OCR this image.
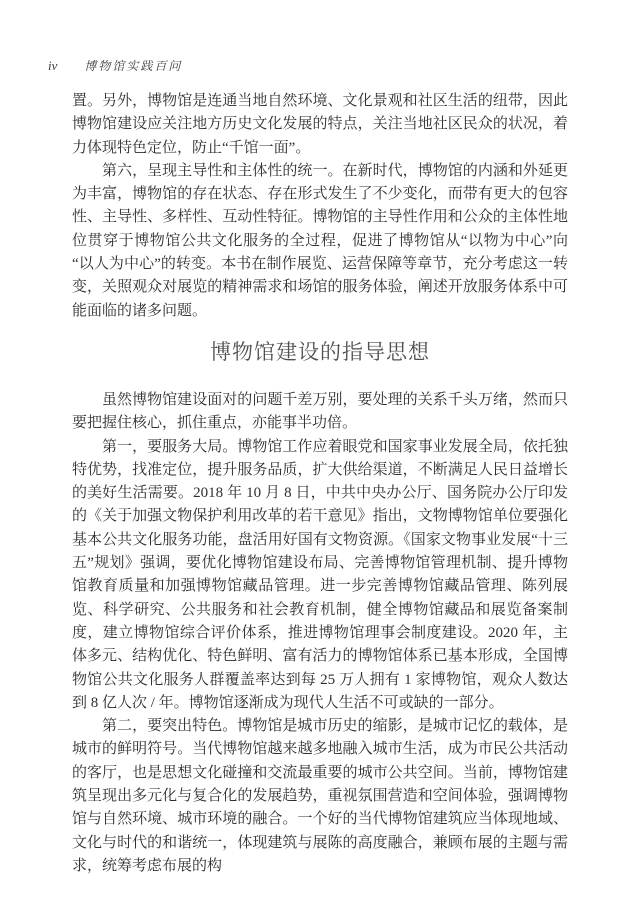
iv 博物馆实践百问

置。另外，博物馆是连通当地自然环境、文化景观和社区生活的纽带，因此博物馆建设应关注地方历史文化发展的特点，关注当地社区民众的状况，着力体现特色定位，防止“千馆一面”。

第六，呈现主导性和主体性的统一。在新时代，博物馆的内涵和外延更为丰富，博物馆的存在状态、存在形式发生了不少变化，而带有更大的包容性、主导性、多样性、互动性特征。博物馆的主导性作用和公众的主体性地位贯穿于博物馆公共文化服务的全过程，促进了博物馆从“以物为中心”向“以人为中心”的转变。本书在制作展览、运营保障等章节，充分考虑这一转变，关照观众对展览的精神需求和场馆的服务体验，阐述开放服务体系中可能面临的诸多问题。

博物馆建设的指导思想

虽然博物馆建设面对的问题千差万别，要处理的关系千头万绪，然而只要把握住核心，抓住重点，亦能事半功倍。

第一，要服务大局。博物馆工作应着眼党和国家事业发展全局，依托独特优势，找准定位，提升服务品质，扩大供给渠道，不断满足人民日益增长的美好生活需要。2018 年 10 月 8 日，中共中央办公厅、国务院办公厅印发的《关于加强文物保护利用改革的若干意见》指出，文物博物馆单位要强化基本公共文化服务功能，盘活用好国有文物资源。《国家文物事业发展“十三五”规划》强调，要优化博物馆建设布局、完善博物馆管理机制、提升博物馆教育质量和加强博物馆藏品管理。进一步完善博物馆藏品管理、陈列展览、科学研究、公共服务和社会教育机制，健全博物馆藏品和展览备案制度，建立博物馆综合评价体系，推进博物馆理事会制度建设。2020 年，主体多元、结构优化、特色鲜明、富有活力的博物馆体系已基本形成，全国博物馆公共文化服务人群覆盖率达到每 25 万人拥有 1 家博物馆，观众人数达到 8 亿人次 / 年。博物馆逐渐成为现代人生活不可或缺的一部分。

第二，要突出特色。博物馆是城市历史的缩影，是城市记忆的载体，是城市的鲜明符号。当代博物馆越来越多地融入城市生活，成为市民公共活动的客厅，也是思想文化碰撞和交流最重要的城市公共空间。当前，博物馆建筑呈现出多元化与复合化的发展趋势，重视氛围营造和空间体验，强调博物馆与自然环境、城市环境的融合。一个好的当代博物馆建筑应当体现地域、文化与时代的和谐统一，体现建筑与展陈的高度融合，兼顾布展的主题与需求，统筹考虑布展的构
